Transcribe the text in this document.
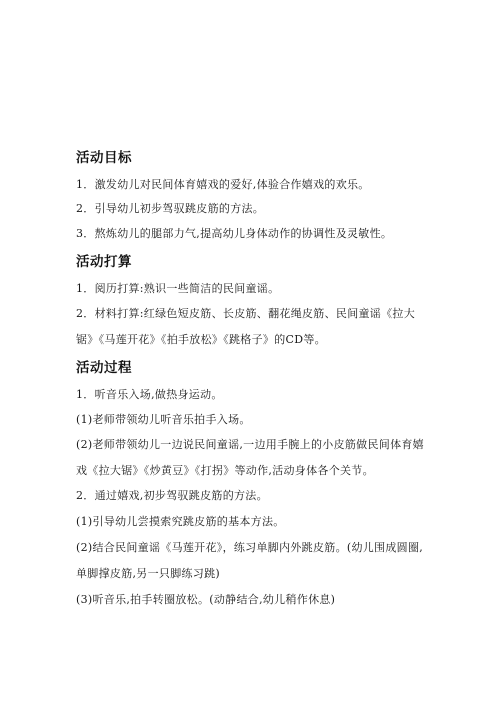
活动目标
1．激发幼儿对民间体育嬉戏的爱好,体验合作嬉戏的欢乐。
2．引导幼儿初步驾驭跳皮筋的方法。
3．熬炼幼儿的腿部力气,提高幼儿身体动作的协调性及灵敏性。
活动打算
1．阅历打算:熟识一些简洁的民间童谣。
2．材料打算:红绿色短皮筋、长皮筋、翻花绳皮筋、民间童谣《拉大
锯》《马莲开花》《拍手放松》《跳格子》的CD等。
活动过程
1．听音乐入场,做热身运动。
(1)老师带领幼儿听音乐拍手入场。
(2)老师带领幼儿一边说民间童谣,一边用手腕上的小皮筋做民间体育嬉
戏《拉大锯》《炒黄豆》《打拐》等动作,活动身体各个关节。
2．通过嬉戏,初步驾驭跳皮筋的方法。
(1)引导幼儿尝摸索究跳皮筋的基本方法。
(2)结合民间童谣《马莲开花》，练习单脚内外跳皮筋。(幼儿围成圆圈,
单脚撑皮筋,另一只脚练习跳)
(3)听音乐,拍手转圈放松。(动静结合,幼儿稍作休息)
